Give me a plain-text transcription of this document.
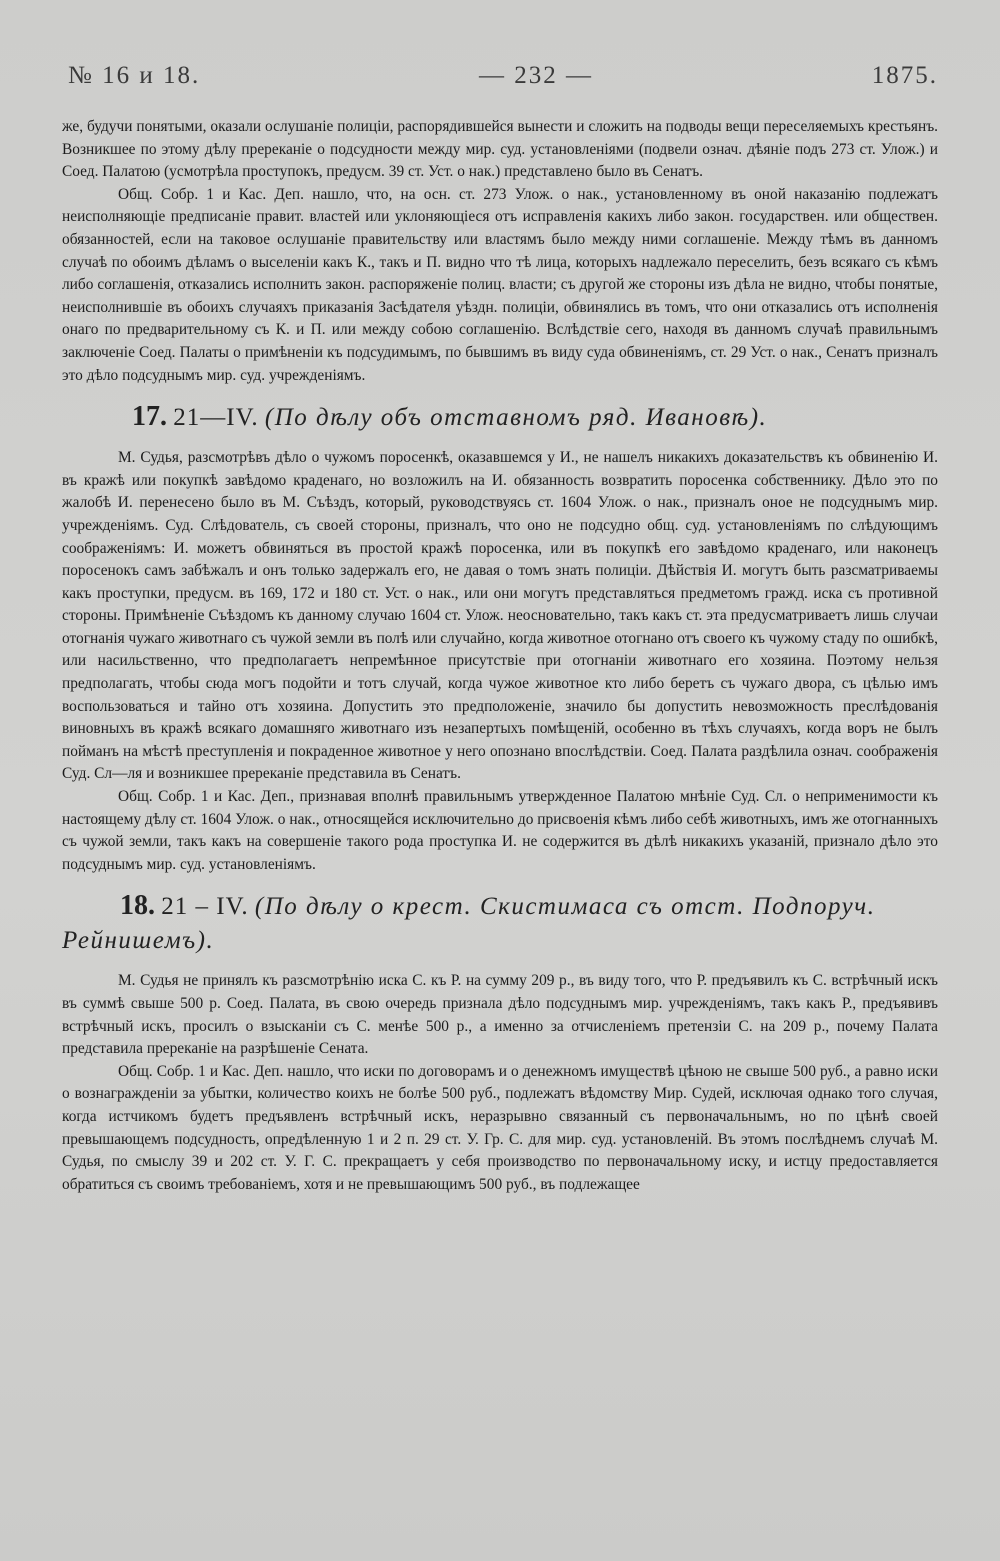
№ 16 и 18.	— 232 —	1875.

же, будучи понятыми, оказали ослушаніе полиціи, распорядившейся вынести и сложить на подводы вещи переселяемыхъ крестьянъ. Возникшее по этому дѣлу пререканіе о подсудности между мир. суд. установленіями (подвели означ. дѣяніе подъ 273 ст. Улож.) и Соед. Палатою (усмотрѣла проступокъ, предусм. 39 ст. Уст. о нак.) представлено было въ Сенатъ.

Общ. Собр. 1 и Кас. Деп. нашло, что, на осн. ст. 273 Улож. о нак., установленному въ оной наказанію подлежатъ неисполняющіе предписаніе правит. властей или уклоняющіеся отъ исправленія какихъ либо закон. государствен. или обществен. обязанностей, если на таковое ослушаніе правительству или властямъ было между ними соглашеніе. Между тѣмъ въ данномъ случаѣ по обоимъ дѣламъ о выселеніи какъ К., такъ и П. видно что тѣ лица, которыхъ надлежало переселить, безъ всякаго съ кѣмъ либо соглашенія, отказались исполнить закон. распоряженіе полиц. власти; съ другой же стороны изъ дѣла не видно, чтобы понятые, неисполнившіе въ обоихъ случаяхъ приказанія Засѣдателя уѣздн. полиціи, обвинялись въ томъ, что они отказались отъ исполненія онаго по предварительному съ К. и П. или между собою соглашенію. Вслѣдствіе сего, находя въ данномъ случаѣ правильнымъ заключеніе Соед. Палаты о примѣненіи къ подсудимымъ, по бывшимъ въ виду суда обвиненіямъ, ст. 29 Уст. о нак., Сенатъ призналъ это дѣло подсуднымъ мир. суд. учрежденіямъ.

17. 21—IV. (По дѣлу объ отставномъ ряд. Ивановѣ).

М. Судья, разсмотрѣвъ дѣло о чужомъ поросенкѣ, оказавшемся у И., не нашелъ никакихъ доказательствъ къ обвиненію И. въ кражѣ или покупкѣ завѣдомо краденаго, но возложилъ на И. обязанность возвратить поросенка собственнику. Дѣло это по жалобѣ И. перенесено было въ М. Съѣздъ, который, руководствуясь ст. 1604 Улож. о нак., призналъ оное не подсуднымъ мир. учрежденіямъ. Суд. Слѣдователь, съ своей стороны, призналъ, что оно не подсудно общ. суд. установленіямъ по слѣдующимъ соображеніямъ: И. можетъ обвиняться въ простой кражѣ поросенка, или въ покупкѣ его завѣдомо краденаго, или наконецъ поросенокъ самъ забѣжалъ и онъ только задержалъ его, не давая о томъ знать полиціи. Дѣйствія И. могутъ быть разсматриваемы какъ проступки, предусм. въ 169, 172 и 180 ст. Уст. о нак., или они могутъ представляться предметомъ гражд. иска съ противной стороны. Примѣненіе Съѣздомъ къ данному случаю 1604 ст. Улож. неосновательно, такъ какъ ст. эта предусматриваетъ лишь случаи отогнанія чужаго животнаго съ чужой земли въ полѣ или случайно, когда животное отогнано отъ своего къ чужому стаду по ошибкѣ, или насильственно, что предполагаетъ непремѣнное присутствіе при отогнаніи животнаго его хозяина. Поэтому нельзя предполагать, чтобы сюда могъ подойти и тотъ случай, когда чужое животное кто либо беретъ съ чужаго двора, съ цѣлью имъ воспользоваться и тайно отъ хозяина. Допустить это предположеніе, значило бы допустить невозможность преслѣдованія виновныхъ въ кражѣ всякаго домашняго животнаго изъ незапертыхъ помѣщеній, особенно въ тѣхъ случаяхъ, когда воръ не былъ пойманъ на мѣстѣ преступленія и покраденное животное у него опознано впослѣдствіи. Соед. Палата раздѣлила означ. соображенія Суд. Сл—ля и возникшее пререканіе представила въ Сенатъ.

Общ. Собр. 1 и Кас. Деп., признавая вполнѣ правильнымъ утвержденное Палатою мнѣніе Суд. Сл. о неприменимости къ настоящему дѣлу ст. 1604 Улож. о нак., относящейся исключительно до присвоенія кѣмъ либо себѣ животныхъ, имъ же отогнанныхъ съ чужой земли, такъ какъ на совершеніе такого рода проступка И. не содержится въ дѣлѣ никакихъ указаній, признало дѣло это подсуднымъ мир. суд. установленіямъ.

18. 21 – IV. (По дѣлу о крест. Скистимаса съ отст. Подпоруч. Рейнишемъ).

М. Судья не принялъ къ разсмотрѣнію иска С. къ Р. на сумму 209 р., въ виду того, что Р. предъявилъ къ С. встрѣчный искъ въ суммѣ свыше 500 р. Соед. Палата, въ свою очередь признала дѣло подсуднымъ мир. учрежденіямъ, такъ какъ Р., предъявивъ встрѣчный искъ, просилъ о взысканіи съ С. менѣе 500 р., а именно за отчисленіемъ претензіи С. на 209 р., почему Палата представила пререканіе на разрѣшеніе Сената.

Общ. Собр. 1 и Кас. Деп. нашло, что иски по договорамъ и о денежномъ имуществѣ цѣною не свыше 500 руб., а равно иски о вознагражденіи за убытки, количество коихъ не болѣе 500 руб., подлежатъ вѣдомству Мир. Судей, исключая однако того случая, когда истчикомъ будетъ предъявленъ встрѣчный искъ, неразрывно связанный съ первоначальнымъ, но по цѣнѣ своей превышающемъ подсудность, опредѣленную 1 и 2 п. 29 ст. У. Гр. С. для мир. суд. установленій. Въ этомъ послѣднемъ случаѣ М. Судья, по смыслу 39 и 202 ст. У. Г. С. прекращаетъ у себя производство по первоначальному иску, и истцу предоставляется обратиться съ своимъ требованіемъ, хотя и не превышающимъ 500 руб., въ подлежащее
